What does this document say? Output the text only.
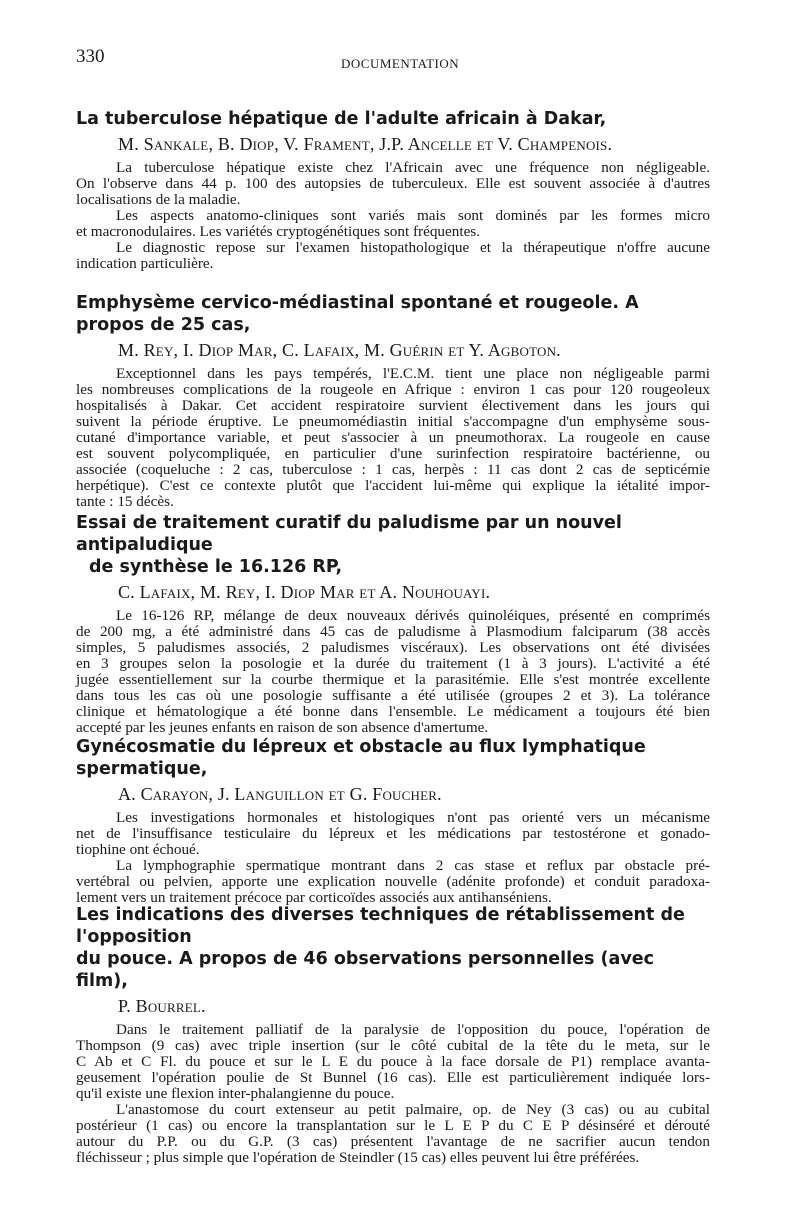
330	DOCUMENTATION
La tuberculose hépatique de l'adulte africain à Dakar,
M. Sankale, B. Diop, V. Frament, J.P. Ancelle et V. Champenois.
La tuberculose hépatique existe chez l'Africain avec une fréquence non négligeable.
On l'observe dans 44 p. 100 des autopsies de tuberculeux. Elle est souvent associée à d'autres
localisations de la maladie.
Les aspects anatomo-cliniques sont variés mais sont dominés par les formes micro
et macronodulaires. Les variétés cryptogénétiques sont fréquentes.
Le diagnostic repose sur l'examen histopathologique et la thérapeutique n'offre aucune
indication particulière.
Emphysème cervico-médiastinal spontané et rougeole. A propos de 25 cas,
M. Rey, I. Diop Mar, C. Lafaix, M. Guérin et Y. Agboton.
Exceptionnel dans les pays tempérés, l'E.C.M. tient une place non négligeable parmi
les nombreuses complications de la rougeole en Afrique : environ 1 cas pour 120 rougeoleux
hospitalisés à Dakar. Cet accident respiratoire survient électivement dans les jours qui
suivent la période éruptive. Le pneumomédiastin initial s'accompagne d'un emphysème sous-
cutané d'importance variable, et peut s'associer à un pneumothorax. La rougeole en cause
est souvent polycompliquée, en particulier d'une surinfection respiratoire bactérienne, ou
associée (coqueluche : 2 cas, tuberculose : 1 cas, herpès : 11 cas dont 2 cas de septicémie
herpétique). C'est ce contexte plutôt que l'accident lui-même qui explique la iétalité impor-
tante : 15 décès.
Essai de traitement curatif du paludisme par un nouvel antipaludique
de synthèse le 16.126 RP,
C. Lafaix, M. Rey, I. Diop Mar et A. Nouhouayi.
Le 16-126 RP, mélange de deux nouveaux dérivés quinoléiques, présenté en comprimés
de 200 mg, a été administré dans 45 cas de paludisme à Plasmodium falciparum (38 accès
simples, 5 paludismes associés, 2 paludismes viscéraux). Les observations ont été divisées
en 3 groupes selon la posologie et la durée du traitement (1 à 3 jours). L'activité a été
jugée essentiellement sur la courbe thermique et la parasitémie. Elle s'est montrée excellente
dans tous les cas où une posologie suffisante a été utilisée (groupes 2 et 3). La tolérance
clinique et hématologique a été bonne dans l'ensemble. Le médicament a toujours été bien
accepté par les jeunes enfants en raison de son absence d'amertume.
Gynécosmatie du lépreux et obstacle au flux lymphatique spermatique,
A. Carayon, J. Languillon et G. Foucher.
Les investigations hormonales et histologiques n'ont pas orienté vers un mécanisme
net de l'insuffisance testiculaire du lépreux et les médications par testostérone et gonado-
tiophine ont échoué.
La lymphographie spermatique montrant dans 2 cas stase et reflux par obstacle pré-
vertébral ou pelvien, apporte une explication nouvelle (adénite profonde) et conduit paradoxa-
lement vers un traitement précoce par corticoïdes associés aux antihanséniens.
Les indications des diverses techniques de rétablissement de l'opposition
du pouce. A propos de 46 observations personnelles (avec film),
P. Bourrel.
Dans le traitement palliatif de la paralysie de l'opposition du pouce, l'opération de
Thompson (9 cas) avec triple insertion (sur le côté cubital de la tête du le meta, sur le
C Ab et C Fl. du pouce et sur le L E du pouce à la face dorsale de P1) remplace avanta-
geusement l'opération poulie de St Bunnel (16 cas). Elle est particulièrement indiquée lors-
qu'il existe une flexion inter-phalangienne du pouce.
L'anastomose du court extenseur au petit palmaire, op. de Ney (3 cas) ou au cubital
postérieur (1 cas) ou encore la transplantation sur le L E P du C E P désinséré et dérouté
autour du P.P. ou du G.P. (3 cas) présentent l'avantage de ne sacrifier aucun tendon
fléchisseur ; plus simple que l'opération de Steindler (15 cas) elles peuvent lui être préférées.
